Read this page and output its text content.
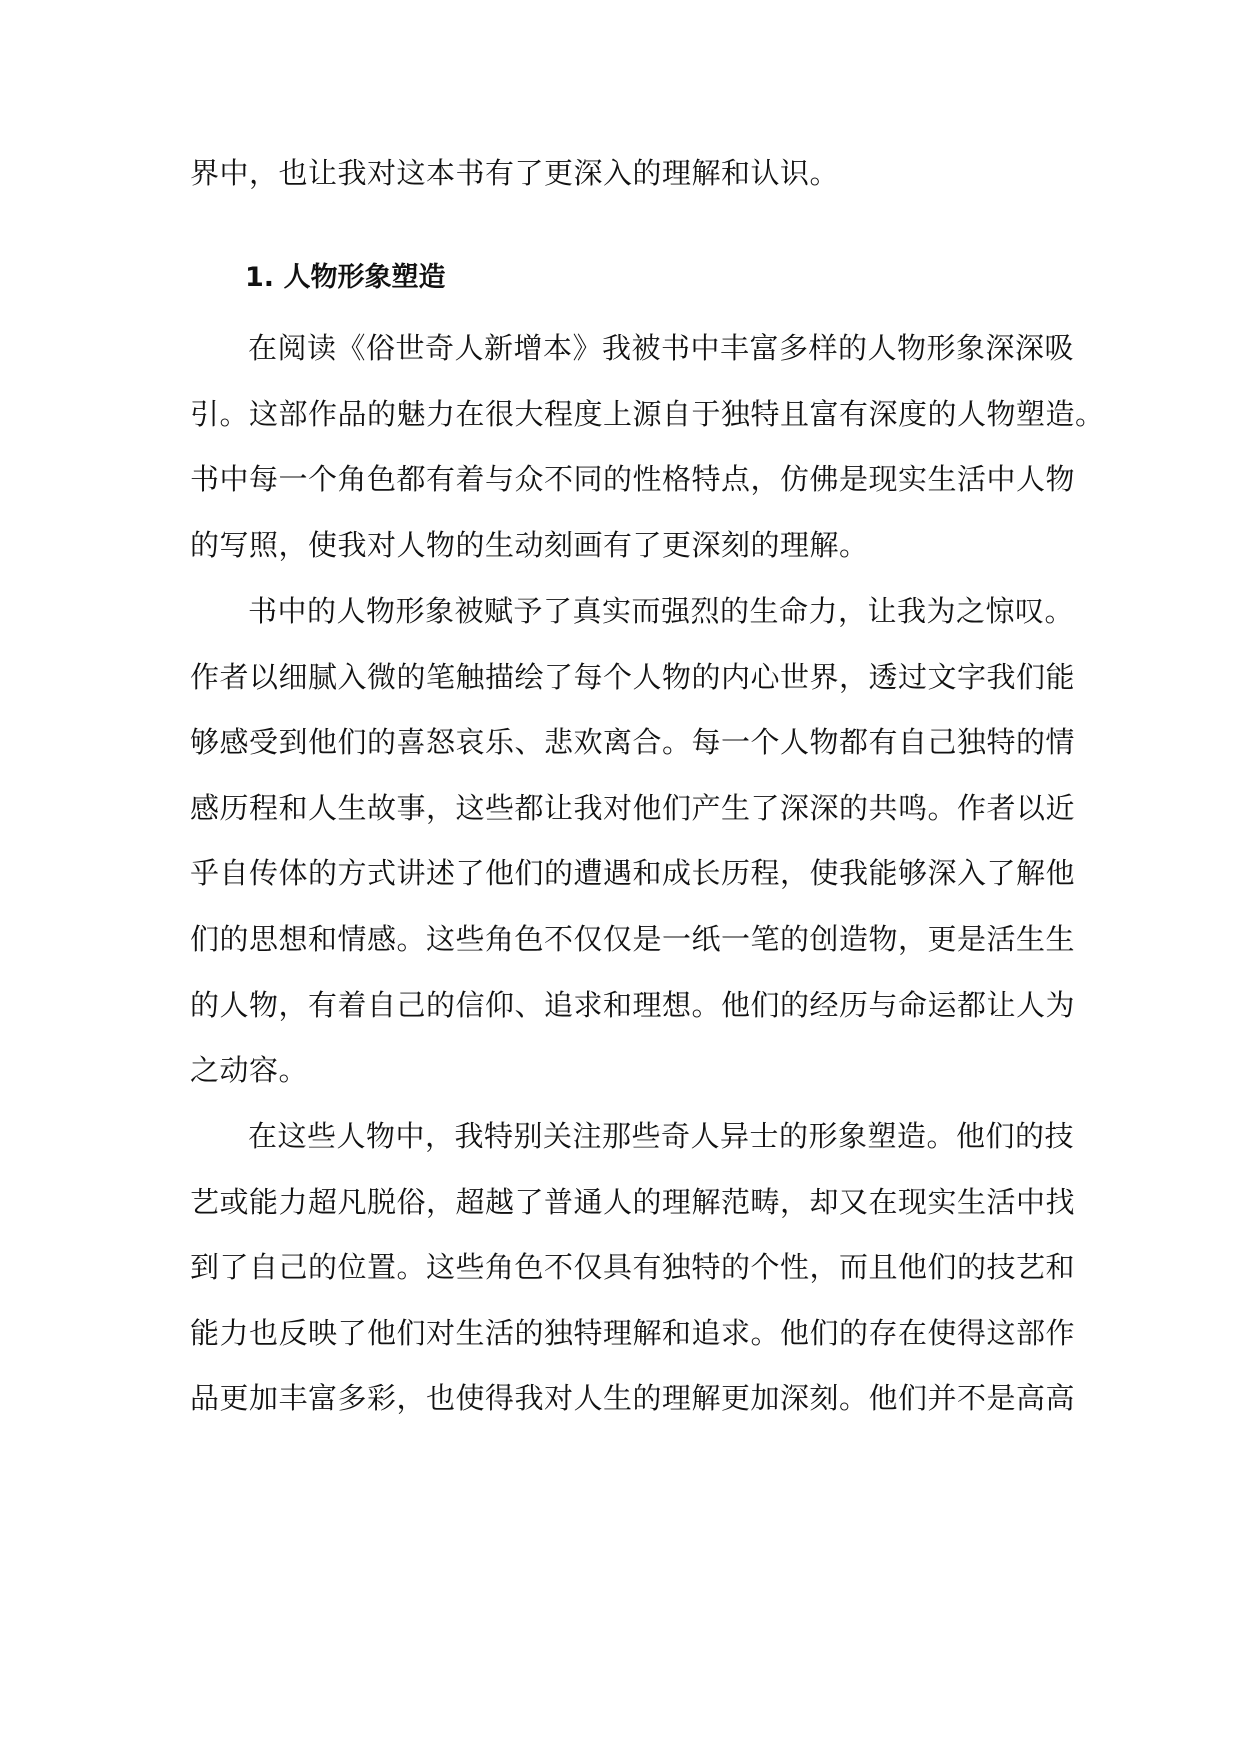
界中，也让我对这本书有了更深入的理解和认识。
1. 人物形象塑造
在阅读《俗世奇人新增本》我被书中丰富多样的人物形象深深吸
引。这部作品的魅力在很大程度上源自于独特且富有深度的人物塑造。
书中每一个角色都有着与众不同的性格特点，仿佛是现实生活中人物
的写照，使我对人物的生动刻画有了更深刻的理解。
书中的人物形象被赋予了真实而强烈的生命力，让我为之惊叹。
作者以细腻入微的笔触描绘了每个人物的内心世界，透过文字我们能
够感受到他们的喜怒哀乐、悲欢离合。每一个人物都有自己独特的情
感历程和人生故事，这些都让我对他们产生了深深的共鸣。作者以近
乎自传体的方式讲述了他们的遭遇和成长历程，使我能够深入了解他
们的思想和情感。这些角色不仅仅是一纸一笔的创造物，更是活生生
的人物，有着自己的信仰、追求和理想。他们的经历与命运都让人为
之动容。
在这些人物中，我特别关注那些奇人异士的形象塑造。他们的技
艺或能力超凡脱俗，超越了普通人的理解范畴，却又在现实生活中找
到了自己的位置。这些角色不仅具有独特的个性，而且他们的技艺和
能力也反映了他们对生活的独特理解和追求。他们的存在使得这部作
品更加丰富多彩，也使得我对人生的理解更加深刻。他们并不是高高
